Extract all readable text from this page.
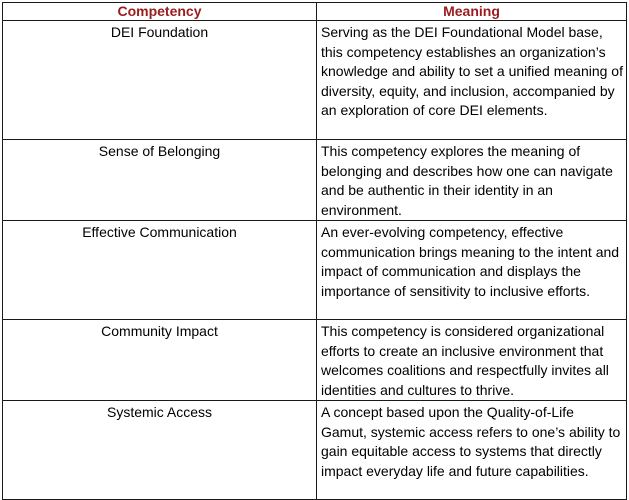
Competency	Meaning
DEI Foundation	Serving as the DEI Foundational Model base, this competency establishes an organization’s knowledge and ability to set a unified meaning of diversity, equity, and inclusion, accompanied by an exploration of core DEI elements.
Sense of Belonging	This competency explores the meaning of belonging and describes how one can navigate and be authentic in their identity in an environment.
Effective Communication	An ever-evolving competency, effective communication brings meaning to the intent and impact of communication and displays the importance of sensitivity to inclusive efforts.
Community Impact	This competency is considered organizational efforts to create an inclusive environment that welcomes coalitions and respectfully invites all identities and cultures to thrive.
Systemic Access	A concept based upon the Quality-of-Life Gamut, systemic access refers to one’s ability to gain equitable access to systems that directly impact everyday life and future capabilities.
